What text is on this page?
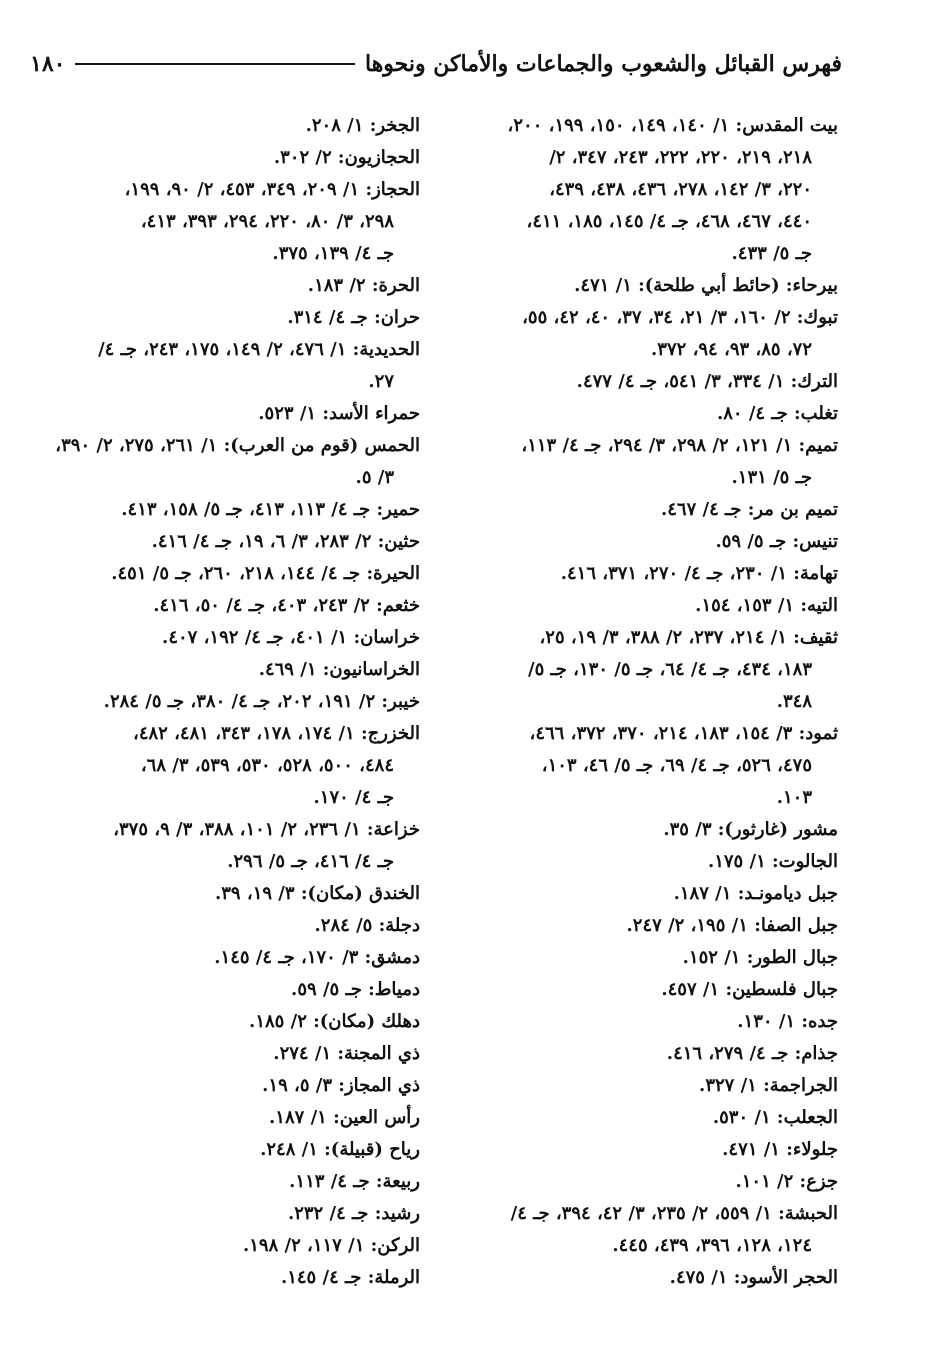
فهرس القبائل والشعوب والجماعات والأماكن ونحوها
١٨٠
بيت المقدس: ١/ ١٤٠، ١٤٩، ١٥٠، ١٩٩، ٢٠٠،
٢١٨، ٢١٩، ٢٢٠، ٢٢٢، ٢٤٣، ٣٤٧، ٢/
٢٢٠، ٣/ ١٤٢، ٢٧٨، ٤٣٦، ٤٣٨، ٤٣٩،
٤٤٠، ٤٦٧، ٤٦٨، جـ ٤/ ١٤٥، ١٨٥، ٤١١،
جـ ٥/ ٤٣٣.
بيرحاء: (حائط أبي طلحة): ١/ ٤٧١.
تبوك: ٢/ ١٦٠، ٣/ ٢١، ٣٤، ٣٧، ٤٠، ٤٢، ٥٥،
٧٢، ٨٥، ٩٣، ٩٤، ٣٧٢.
الترك: ١/ ٣٣٤، ٣/ ٥٤١، جـ ٤/ ٤٧٧.
تغلب: جـ ٤/ ٨٠.
تميم: ١/ ١٢١، ٢/ ٢٩٨، ٣/ ٢٩٤، جـ ٤/ ١١٣،
جـ ٥/ ١٣١.
تميم بن مر: جـ ٤/ ٤٦٧.
تنيس: جـ ٥/ ٥٩.
تهامة: ١/ ٢٣٠، جـ ٤/ ٢٧٠، ٣٧١، ٤١٦.
التيه: ١/ ١٥٣، ١٥٤.
ثقيف: ١/ ٢١٤، ٢٣٧، ٢/ ٣٨٨، ٣/ ١٩، ٢٥،
١٨٣، ٤٣٤، جـ ٤/ ٦٤، جـ ٥/ ١٣٠، جـ ٥/
٣٤٨.
ثمود: ٣/ ١٥٤، ١٨٣، ٢١٤، ٣٧٠، ٣٧٢، ٤٦٦،
٤٧٥، ٥٢٦، جـ ٤/ ٦٩، جـ ٥/ ٤٦، ١٠٣،
١٠٣.
مشور (غارثور): ٣/ ٣٥.
الجالوت: ١/ ١٧٥.
جبل ديامونـد: ١/ ١٨٧.
جبل الصفا: ١/ ١٩٥، ٢/ ٢٤٧.
جبال الطور: ١/ ١٥٢.
جبال فلسطين: ١/ ٤٥٧.
جده: ١/ ١٣٠.
جذام: جـ ٤/ ٢٧٩، ٤١٦.
الجراجمة: ١/ ٣٢٧.
الجعلب: ١/ ٥٣٠.
جلولاء: ١/ ٤٧١.
جزع: ٢/ ١٠١.
الحبشة: ١/ ٥٥٩، ٢/ ٢٣٥، ٣/ ٤٢، ٣٩٤، جـ ٤/
١٢٤، ١٢٨، ٣٩٦، ٤٣٩، ٤٤٥.
الحجر الأسود: ١/ ٤٧٥.
الجخر: ١/ ٢٠٨.
الحجازيون: ٢/ ٣٠٢.
الحجاز: ١/ ٢٠٩، ٣٤٩، ٤٥٣، ٢/ ٩٠، ١٩٩،
٢٩٨، ٣/ ٨٠، ٢٢٠، ٢٩٤، ٣٩٣، ٤١٣،
جـ ٤/ ١٣٩، ٣٧٥.
الحرة: ٢/ ١٨٣.
حران: جـ ٤/ ٣١٤.
الحديدية: ١/ ٤٧٦، ٢/ ١٤٩، ١٧٥، ٢٤٣، جـ ٤/
٢٧.
حمراء الأسد: ١/ ٥٢٣.
الحمس (قوم من العرب): ١/ ٢٦١، ٢٧٥، ٢/ ٣٩٠،
٣/ ٥.
حمير: جـ ٤/ ١١٣، ٤١٣، جـ ٥/ ١٥٨، ٤١٣.
حثين: ٢/ ٢٨٣، ٣/ ٦، ١٩، جـ ٤/ ٤١٦.
الحيرة: جـ ٤/ ١٤٤، ٢١٨، ٢٦٠، جـ ٥/ ٤٥١.
خثعم: ٢/ ٢٤٣، ٤٠٣، جـ ٤/ ٥٠، ٤١٦.
خراسان: ١/ ٤٠١، جـ ٤/ ١٩٢، ٤٠٧.
الخراسانيون: ١/ ٤٦٩.
خيبر: ٢/ ١٩١، ٢٠٢، جـ ٤/ ٣٨٠، جـ ٥/ ٢٨٤.
الخزرج: ١/ ١٧٤، ١٧٨، ٣٤٣، ٤٨١، ٤٨٢،
٤٨٤، ٥٠٠، ٥٢٨، ٥٣٠، ٥٣٩، ٣/ ٦٨،
جـ ٤/ ١٧٠.
خزاعة: ١/ ٢٣٦، ٢/ ١٠١، ٣٨٨، ٣/ ٩، ٣٧٥،
جـ ٤/ ٤١٦، جـ ٥/ ٢٩٦.
الخندق (مكان): ٣/ ١٩، ٣٩.
دجلة: ٥/ ٢٨٤.
دمشق: ٣/ ١٧٠، جـ ٤/ ١٤٥.
دمياط: جـ ٥/ ٥٩.
دهلك (مكان): ٢/ ١٨٥.
ذي المجنة: ١/ ٢٧٤.
ذي المجاز: ٣/ ٥، ١٩.
رأس العين: ١/ ١٨٧.
رياح (قبيلة): ١/ ٢٤٨.
ربيعة: جـ ٤/ ١١٣.
رشيد: جـ ٤/ ٢٣٢.
الركن: ١/ ١١٧، ٢/ ١٩٨.
الرملة: جـ ٤/ ١٤٥.
